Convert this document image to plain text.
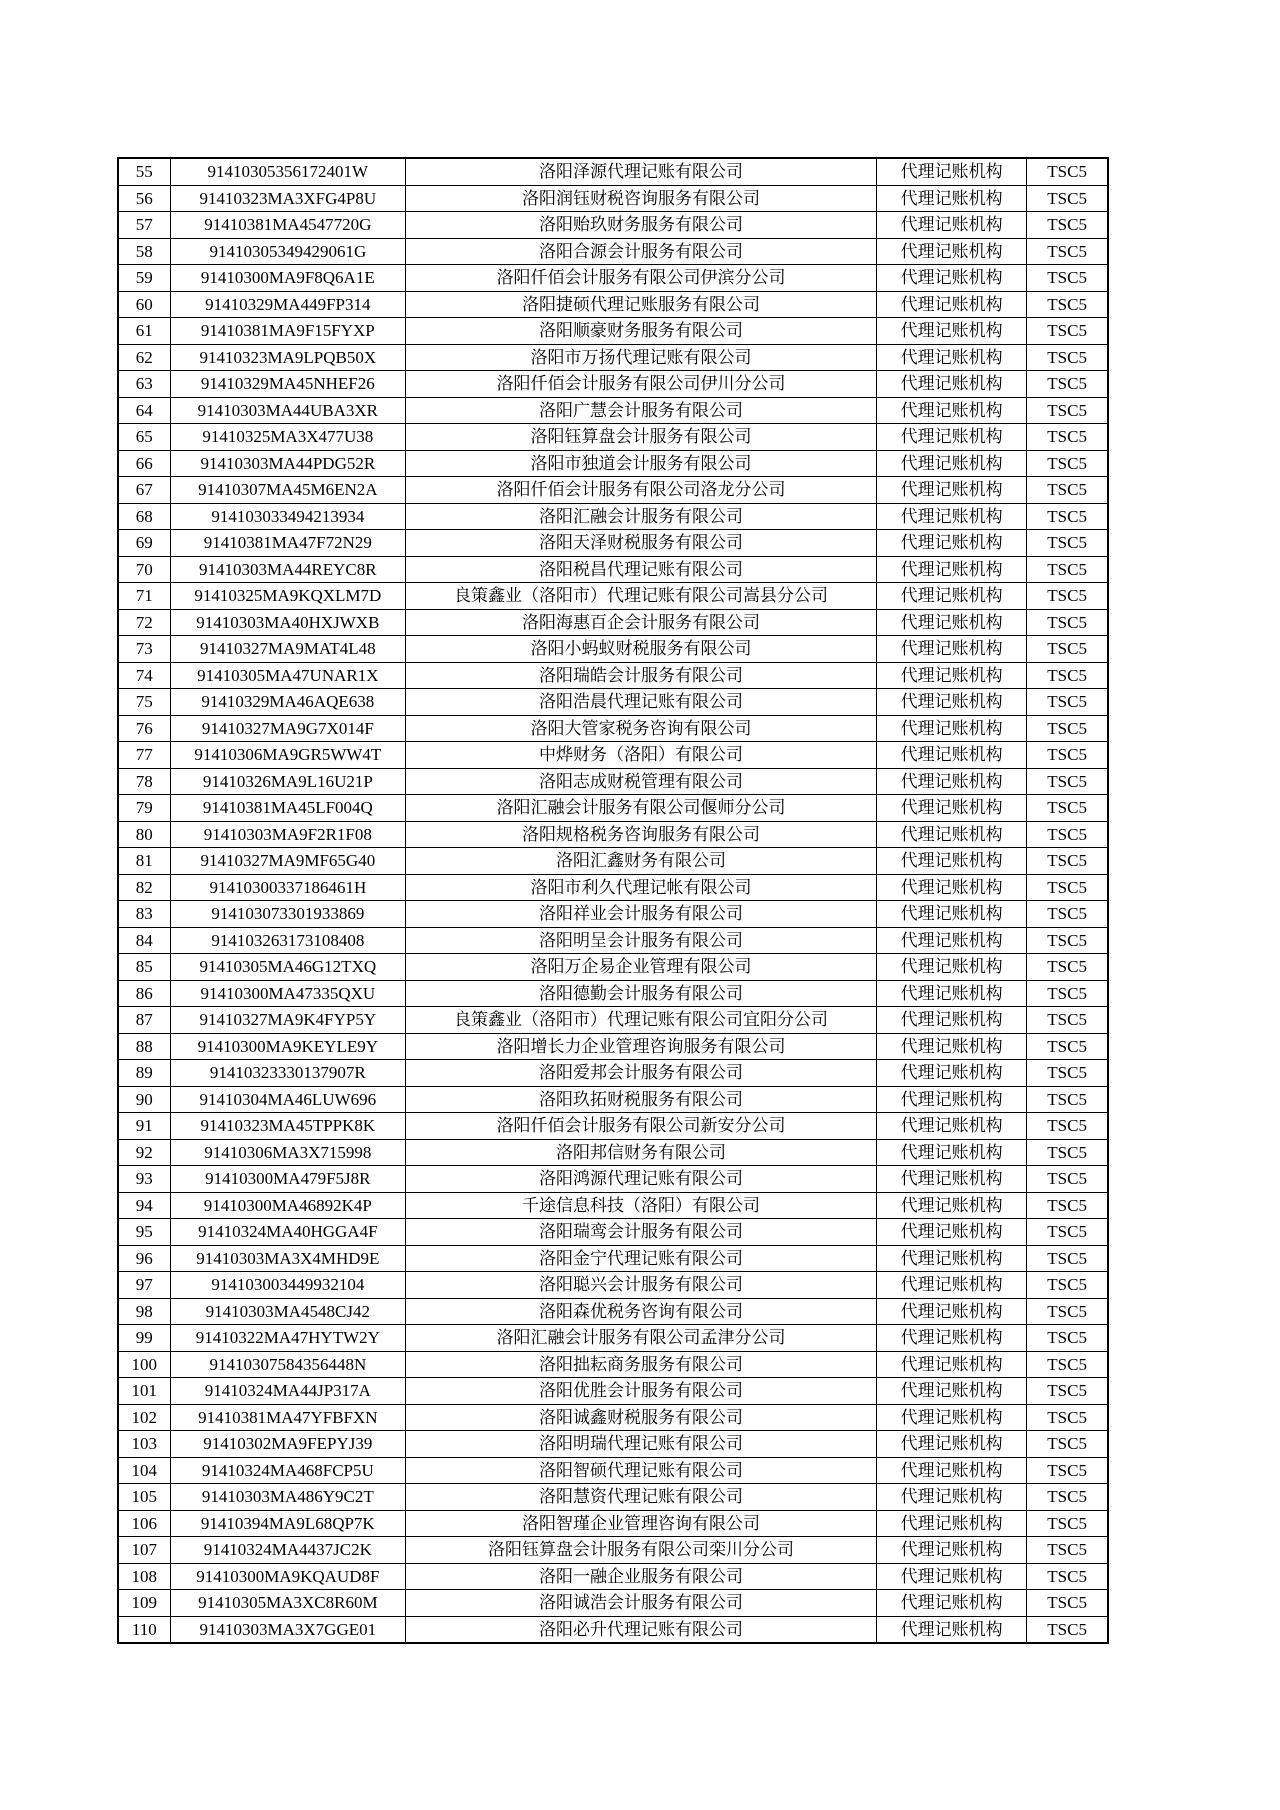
55	91410305356172401W	洛阳泽源代理记账有限公司	代理记账机构	TSC5
56	91410323MA3XFG4P8U	洛阳润钰财税咨询服务有限公司	代理记账机构	TSC5
57	91410381MA4547720G	洛阳贻玖财务服务有限公司	代理记账机构	TSC5
58	914103053494290​61G	洛阳合源会计服务有限公司	代理记账机构	TSC5
59	91410300MA9F8Q6A1E	洛阳仟佰会计服务有限公司伊滨分公司	代理记账机构	TSC5
60	91410329MA449FP314	洛阳捷硕代理记账服务有限公司	代理记账机构	TSC5
61	91410381MA9F15FYXP	洛阳顺豪财务服务有限公司	代理记账机构	TSC5
62	91410323MA9LPQB50X	洛阳市万扬代理记账有限公司	代理记账机构	TSC5
63	91410329MA45NHEF26	洛阳仟佰会计服务有限公司伊川分公司	代理记账机构	TSC5
64	91410303MA44UBA3XR	洛阳广慧会计服务有限公司	代理记账机构	TSC5
65	91410325MA3X477U38	洛阳钰算盘会计服务有限公司	代理记账机构	TSC5
66	91410303MA44PDG52R	洛阳市独道会计服务有限公司	代理记账机构	TSC5
67	91410307MA45M6EN2A	洛阳仟佰会计服务有限公司洛龙分公司	代理记账机构	TSC5
68	914103033494213934	洛阳汇融会计服务有限公司	代理记账机构	TSC5
69	91410381MA47F72N29	洛阳天泽财税服务有限公司	代理记账机构	TSC5
70	91410303MA44REYC8R	洛阳税昌代理记账有限公司	代理记账机构	TSC5
71	91410325MA9KQXLM7D	良策鑫业（洛阳市）代理记账有限公司嵩县分公司	代理记账机构	TSC5
72	91410303MA40HXJWXB	洛阳海惠百企会计服务有限公司	代理记账机构	TSC5
73	91410327MA9MAT4L48	洛阳小蚂蚁财税服务有限公司	代理记账机构	TSC5
74	91410305MA47UNAR1X	洛阳瑞皓会计服务有限公司	代理记账机构	TSC5
75	91410329MA46AQE638	洛阳浩晨代理记账有限公司	代理记账机构	TSC5
76	91410327MA9G7X014F	洛阳大管家税务咨询有限公司	代理记账机构	TSC5
77	91410306MA9GR5WW4T	中烨财务（洛阳）有限公司	代理记账机构	TSC5
78	91410326MA9L16U21P	洛阳志成财税管理有限公司	代理记账机构	TSC5
79	91410381MA45LF004Q	洛阳汇融会计服务有限公司偃师分公司	代理记账机构	TSC5
80	91410303MA9F2R1F08	洛阳规格税务咨询服务有限公司	代理记账机构	TSC5
81	91410327MA9MF65G40	洛阳汇鑫财务有限公司	代理记账机构	TSC5
82	91410300337186461H	洛阳市利久代理记帐有限公司	代理记账机构	TSC5
83	914103073301933869	洛阳祥业会计服务有限公司	代理记账机构	TSC5
84	914103263173108408	洛阳明呈会计服务有限公司	代理记账机构	TSC5
85	91410305MA46G12TXQ	洛阳万企易企业管理有限公司	代理记账机构	TSC5
86	91410300MA47335QXU	洛阳德勤会计服务有限公司	代理记账机构	TSC5
87	91410327MA9K4FYP5Y	良策鑫业（洛阳市）代理记账有限公司宜阳分公司	代理记账机构	TSC5
88	91410300MA9KEYLE9Y	洛阳增长力企业管理咨询服务有限公司	代理记账机构	TSC5
89	91410323330137907R	洛阳爱邦会计服务有限公司	代理记账机构	TSC5
90	91410304MA46LUW696	洛阳玖拓财税服务有限公司	代理记账机构	TSC5
91	91410323MA45TPPK8K	洛阳仟佰会计服务有限公司新安分公司	代理记账机构	TSC5
92	91410306MA3X715998	洛阳邦信财务有限公司	代理记账机构	TSC5
93	91410300MA479F5J8R	洛阳鸿源代理记账有限公司	代理记账机构	TSC5
94	91410300MA46892K4P	千途信息科技（洛阳）有限公司	代理记账机构	TSC5
95	91410324MA40HGGA4F	洛阳瑞鸾会计服务有限公司	代理记账机构	TSC5
96	91410303MA3X4MHD9E	洛阳金宁代理记账有限公司	代理记账机构	TSC5
97	914103003449932104	洛阳聪兴会计服务有限公司	代理记账机构	TSC5
98	91410303MA4548CJ42	洛阳森优税务咨询有限公司	代理记账机构	TSC5
99	91410322MA47HYTW2Y	洛阳汇融会计服务有限公司孟津分公司	代理记账机构	TSC5
100	91410307584356448N	洛阳拙耘商务服务有限公司	代理记账机构	TSC5
101	91410324MA44JP317A	洛阳优胜会计服务有限公司	代理记账机构	TSC5
102	91410381MA47YFBFXN	洛阳诚鑫财税服务有限公司	代理记账机构	TSC5
103	91410302MA9FEPYJ39	洛阳明瑞代理记账有限公司	代理记账机构	TSC5
104	91410324MA468FCP5U	洛阳智硕代理记账有限公司	代理记账机构	TSC5
105	91410303MA486Y9C2T	洛阳慧资代理记账有限公司	代理记账机构	TSC5
106	91410394MA9L68QP7K	洛阳智瑾企业管理咨询有限公司	代理记账机构	TSC5
107	91410324MA4437JC2K	洛阳钰算盘会计服务有限公司栾川分公司	代理记账机构	TSC5
108	91410300MA9KQAUD8F	洛阳一融企业服务有限公司	代理记账机构	TSC5
109	91410305MA3XC8R60M	洛阳诚浩会计服务有限公司	代理记账机构	TSC5
110	91410303MA3X7GGE01	洛阳必升代理记账有限公司	代理记账机构	TSC5
